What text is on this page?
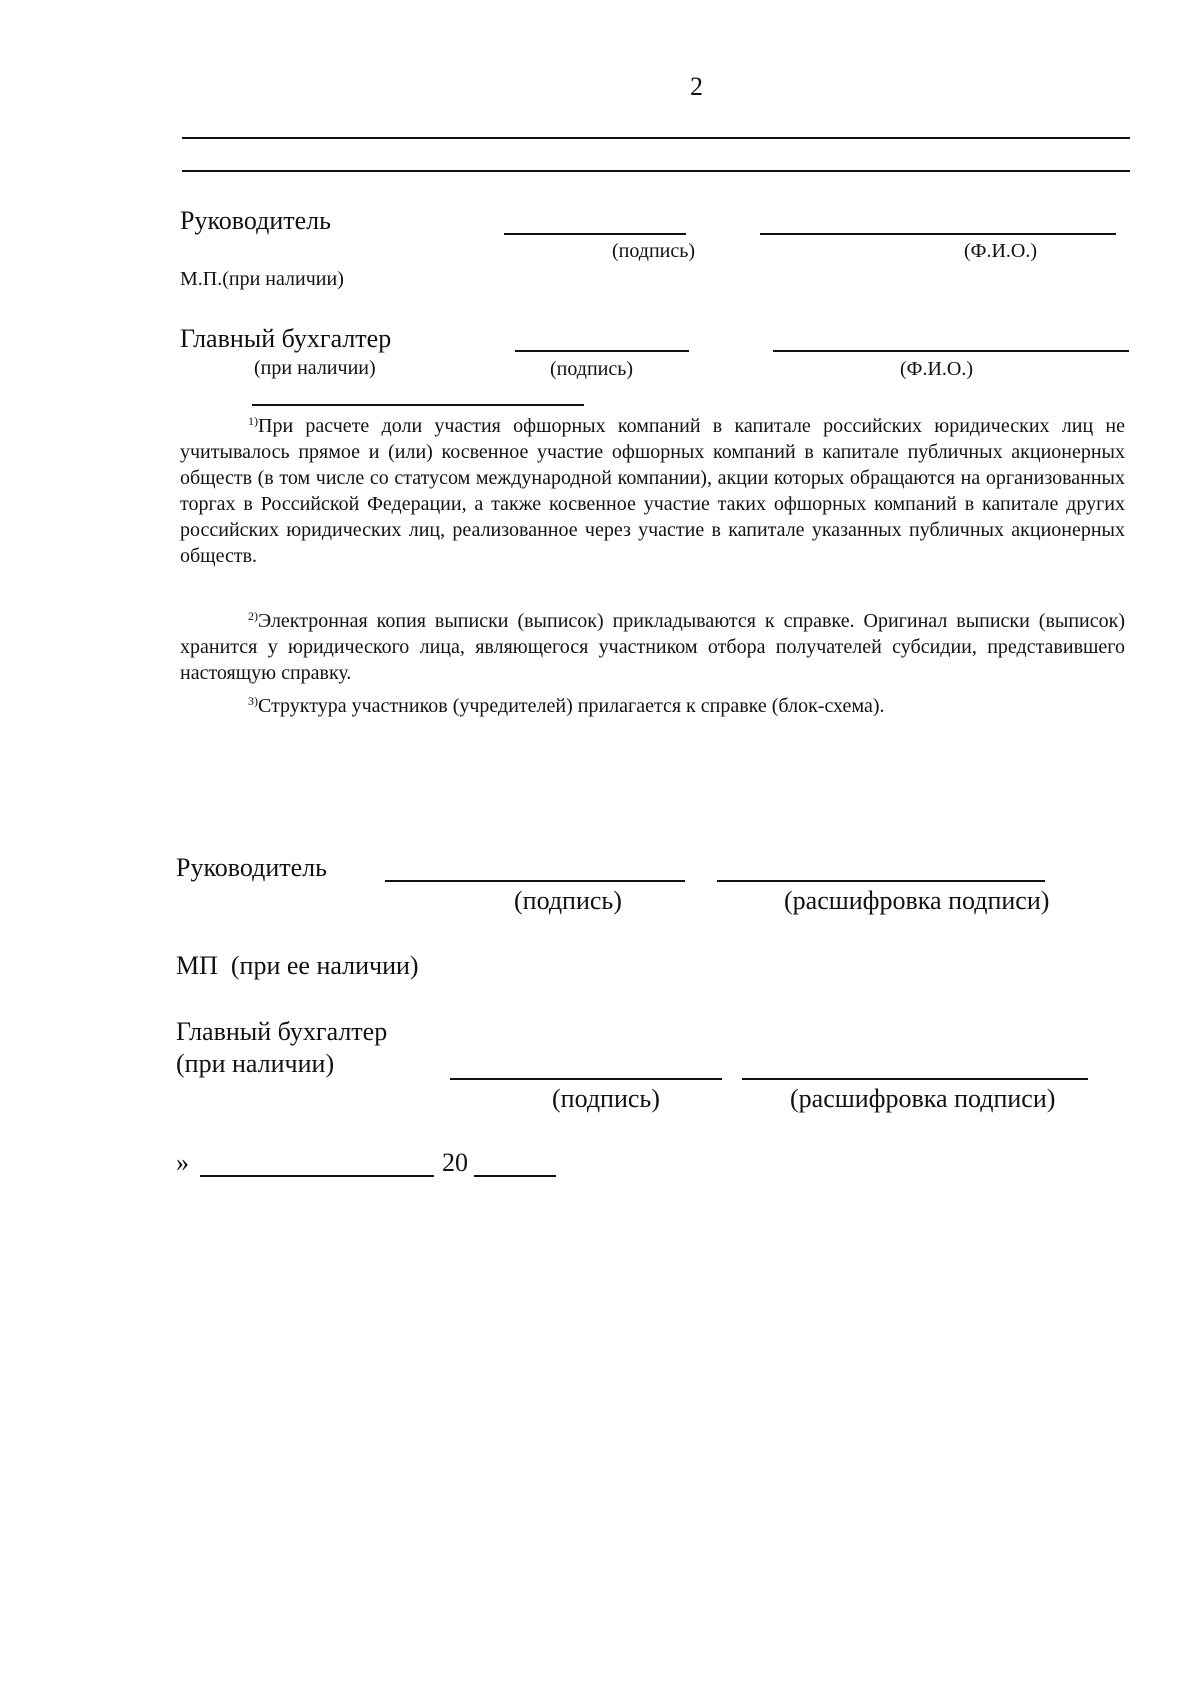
2
Руководитель
(подпись)	(Ф.И.О.)
М.П.(при наличии)
Главный бухгалтер
(при наличии)	(подпись)	(Ф.И.О.)
$^{1)}$При расчете доли участия офшорных компаний в капитале российских юридических лиц не учитывалось прямое и (или) косвенное участие офшорных компаний в капитале публичных акционерных обществ (в том числе со статусом международной компании), акции которых обращаются на организованных торгах в Российской Федерации, а также косвенное участие таких офшорных компаний в капитале других российских юридических лиц, реализованное через участие в капитале указанных публичных акционерных обществ.
$^{2)}$Электронная копия выписки (выписок) прикладываются к справке. Оригинал выписки (выписок) хранится у юридического лица, являющегося участником отбора получателей субсидии, представившего настоящую справку.
$^{3)}$Структура участников (учредителей) прилагается к справке (блок-схема).
Руководитель
(подпись)	(расшифровка подписи)
МП  (при ее наличии)
Главный бухгалтер
(при наличии)
(подпись)	(расшифровка подписи)
»	20
